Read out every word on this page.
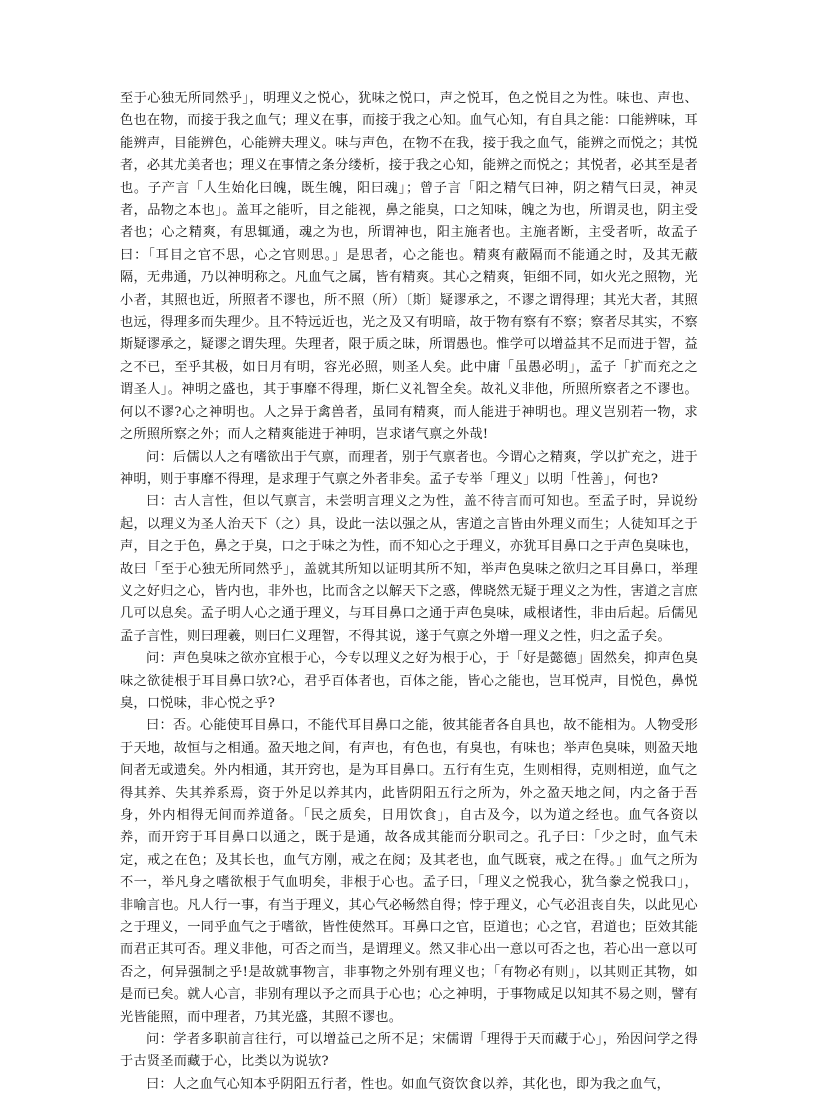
至于心独无所同然乎」，明理义之悦心，犹味之悦口，声之悦耳，色之悦目之为性。味也、声也、色也在物，而接于我之血气；理义在事，而接于我之心知。血气心知，有自具之能：口能辨味，耳能辨声，目能辨色，心能辨夫理义。味与声色，在物不在我，接于我之血气，能辨之而悦之；其悦者，必其尤美者也；理义在事情之条分缕析，接于我之心知，能辨之而悦之；其悦者，必其至是者也。子产言「人生始化曰魄，既生魄，阳曰魂」；曾子言「阳之精气曰神，阴之精气曰灵，神灵者，品物之本也」。盖耳之能听，目之能视，鼻之能臭，口之知味，魄之为也，所谓灵也，阴主受者也；心之精爽，有思辄通，魂之为也，所谓神也，阳主施者也。主施者断，主受者听，故孟子曰：「耳目之官不思，心之官则思。」是思者，心之能也。精爽有蔽隔而不能通之时，及其无蔽隔，无弗通，乃以神明称之。凡血气之属，皆有精爽。其心之精爽，钜细不同，如火光之照物，光小者，其照也近，所照者不谬也，所不照（所）〔斯〕疑谬承之，不谬之谓得理；其光大者，其照也远，得理多而失理少。且不特远近也，光之及又有明暗，故于物有察有不察；察者尽其实，不察斯疑谬承之，疑谬之谓失理。失理者，限于质之昧，所谓愚也。惟学可以增益其不足而进于智，益之不已，至乎其极，如日月有明，容光必照，则圣人矣。此中庸「虽愚必明」，孟子「扩而充之之谓圣人」。神明之盛也，其于事靡不得理，斯仁义礼智全矣。故礼义非他，所照所察者之不谬也。何以不谬?心之神明也。人之异于禽兽者，虽同有精爽，而人能进于神明也。理义岂别若一物，求之所照所察之外；而人之精爽能进于神明，岂求诸气禀之外哉!

问：后儒以人之有嗜欲出于气禀，而理者，别于气禀者也。今谓心之精爽，学以扩充之，进于神明，则于事靡不得理，是求理于气禀之外者非矣。孟子专举「理义」以明「性善」，何也?

曰：古人言性，但以气禀言，未尝明言理义之为性，盖不待言而可知也。至孟子时，异说纷起，以理义为圣人治天下（之）具，设此一法以强之从，害道之言皆由外理义而生；人徒知耳之于声，目之于色，鼻之于臭，口之于味之为性，而不知心之于理义，亦犹耳目鼻口之于声色臭味也，故曰「至于心独无所同然乎」，盖就其所知以证明其所不知，举声色臭味之欲归之耳目鼻口，举理义之好归之心，皆内也，非外也，比而含之以解天下之惑，俾晓然无疑于理义之为性，害道之言庶几可以息矣。孟子明人心之通于理义，与耳目鼻口之通于声色臭味，咸根诸性，非由后起。后儒见孟子言性，则曰理羲，则曰仁义理智，不得其说，遂于气禀之外增一理义之性，归之孟子矣。

问：声色臭味之欲亦宜根于心，今专以理义之好为根于心，于「好是懿德」固然矣，抑声色臭味之欲徒根于耳目鼻口欤?心，君乎百体者也，百体之能，皆心之能也，岂耳悦声，目悦色，鼻悦臭，口悦味，非心悦之乎?

曰：否。心能使耳目鼻口，不能代耳目鼻口之能，彼其能者各自具也，故不能相为。人物受形于天地，故恒与之相通。盈天地之间，有声也，有色也，有臭也，有味也；举声色臭味，则盈天地间者无或遗矣。外内相通，其开窍也，是为耳目鼻口。五行有生克，生则相得，克则相逆，血气之得其养、失其养系焉，资于外足以养其内，此皆阴阳五行之所为，外之盈天地之间，内之备于吾身，外内相得无间而养道备。「民之质矣，日用饮食」，自古及今，以为道之经也。血气各资以养，而开窍于耳目鼻口以通之，既于是通，故各成其能而分职司之。孔子曰：「少之时，血气未定，戒之在色；及其长也，血气方刚，戒之在阋；及其老也，血气既衰，戒之在得。」血气之所为不一，举凡身之嗜欲根于气血明矣，非根于心也。孟子曰，「理义之悦我心，犹刍豢之悦我口」，非喻言也。凡人行一事，有当于理义，其心气必畅然自得；悖于理义，心气必沮丧自失，以此见心之于理义，一同乎血气之于嗜欲，皆性使然耳。耳鼻口之官，臣道也；心之官，君道也；臣效其能而君正其可否。理义非他，可否之而当，是谓理义。然又非心出一意以可否之也，若心出一意以可否之，何异强制之乎!是故就事物言，非事物之外别有理义也；「有物必有则」，以其则正其物，如是而已矣。就人心言，非别有理以予之而具于心也；心之神明，于事物咸足以知其不易之则，譬有光皆能照，而中理者，乃其光盛，其照不谬也。

问：学者多职前言往行，可以增益己之所不足；宋儒谓「理得于天而藏于心」，殆因问学之得于古贤圣而藏于心，比类以为说欤?

曰：人之血气心知本乎阴阳五行者，性也。如血气资饮食以养，其化也，即为我之血气，
